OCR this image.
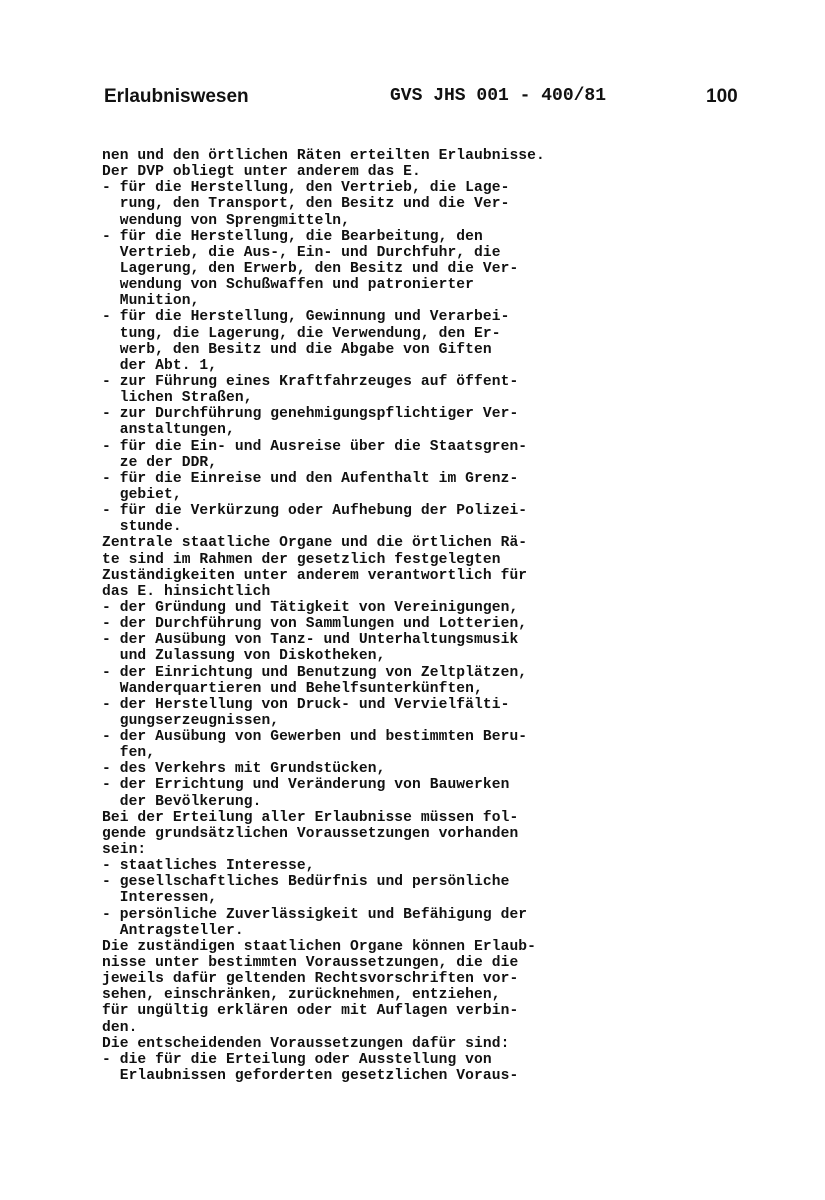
Erlaubniswesen	GVS JHS 001 - 400/81	100
nen und den örtlichen Räten erteilten Erlaubnisse.
Der DVP obliegt unter anderem das E.
- für die Herstellung, den Vertrieb, die Lage-
rung, den Transport, den Besitz und die Ver-
wendung von Sprengmitteln,
- für die Herstellung, die Bearbeitung, den
Vertrieb, die Aus-, Ein- und Durchfuhr, die
Lagerung, den Erwerb, den Besitz und die Ver-
wendung von Schußwaffen und patronierter
Munition,
- für die Herstellung, Gewinnung und Verarbei-
tung, die Lagerung, die Verwendung, den Er-
werb, den Besitz und die Abgabe von Giften
der Abt. 1,
- zur Führung eines Kraftfahrzeuges auf öffent-
lichen Straßen,
- zur Durchführung genehmigungspflichtiger Ver-
anstaltungen,
- für die Ein- und Ausreise über die Staatsgren-
ze der DDR,
- für die Einreise und den Aufenthalt im Grenz-
gebiet,
- für die Verkürzung oder Aufhebung der Polizei-
stunde.
Zentrale staatliche Organe und die örtlichen Rä-
te sind im Rahmen der gesetzlich festgelegten
Zuständigkeiten unter anderem verantwortlich für
das E. hinsichtlich
- der Gründung und Tätigkeit von Vereinigungen,
- der Durchführung von Sammlungen und Lotterien,
- der Ausübung von Tanz- und Unterhaltungsmusik
und Zulassung von Diskotheken,
- der Einrichtung und Benutzung von Zeltplätzen,
Wanderquartieren und Behelfsunterkünften,
- der Herstellung von Druck- und Vervielfälti-
gungserzeugnissen,
- der Ausübung von Gewerben und bestimmten Beru-
fen,
- des Verkehrs mit Grundstücken,
- der Errichtung und Veränderung von Bauwerken
der Bevölkerung.
Bei der Erteilung aller Erlaubnisse müssen fol-
gende grundsätzlichen Voraussetzungen vorhanden
sein:
- staatliches Interesse,
- gesellschaftliches Bedürfnis und persönliche
Interessen,
- persönliche Zuverlässigkeit und Befähigung der
Antragsteller.
Die zuständigen staatlichen Organe können Erlaub-
nisse unter bestimmten Voraussetzungen, die die
jeweils dafür geltenden Rechtsvorschriften vor-
sehen, einschränken, zurücknehmen, entziehen,
für ungültig erklären oder mit Auflagen verbin-
den.
Die entscheidenden Voraussetzungen dafür sind:
- die für die Erteilung oder Ausstellung von
Erlaubnissen geforderten gesetzlichen Voraus-
